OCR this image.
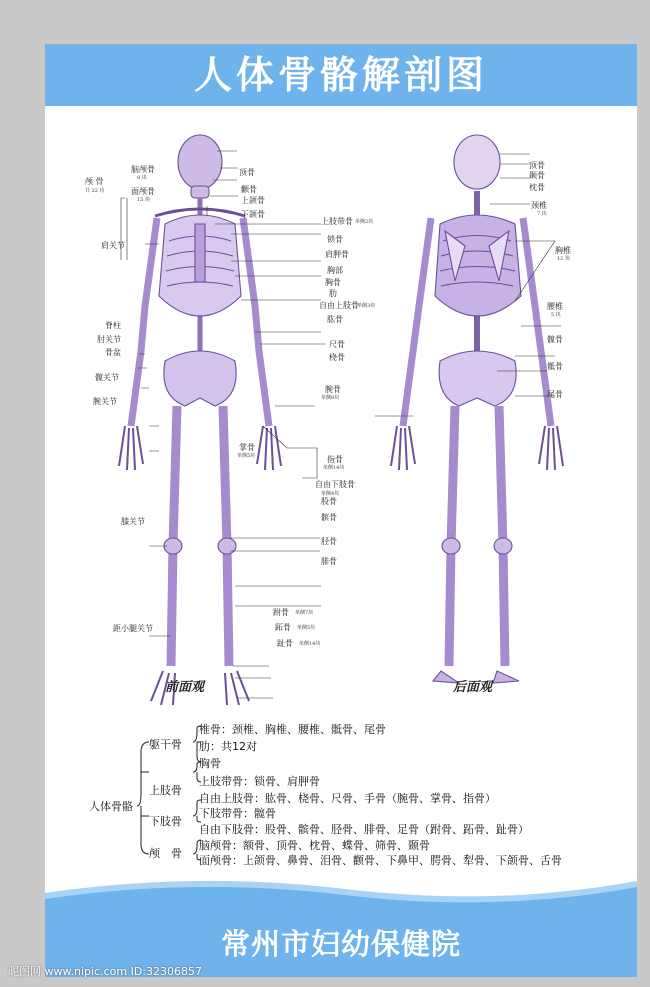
人体骨骼解剖图
颅 骨
共 22 块
脑颅骨
8 块
面颅骨
15 块
顶骨
颧骨
上颌骨
下颌骨
上肢带骨 单侧2块
锁骨
肩胛骨
胸部
胸骨
肋
自由上肢骨
单侧3块
肱骨
尺骨
桡骨
腕骨
单侧8块
掌骨
单侧5块	指骨
单侧14块
自由下肢骨
单侧4块
股骨
髌骨
胫骨
腓骨
跗骨 单侧7块
跖骨 单侧5块
趾骨 单侧14块
肩关节
脊柱
肘关节
骨盆
髋关节
腕关节
膝关节
距小腿关节
顶骨
颞骨
枕骨
颈椎
7 块
胸椎
12 块
腰椎
5 块
髋骨
骶骨
尾骨
前面观	后面观
人体骨骼
躯干骨
椎骨：颈椎、胸椎、腰椎、骶骨、尾骨
肋：共12对
胸骨
上肢骨
上肢带骨：锁骨、肩胛骨
自由上肢骨：肱骨、桡骨、尺骨、手骨（腕骨、掌骨、指骨）
下肢骨
下肢带骨：髋骨
自由下肢骨：股骨、髌骨、胫骨、腓骨、足骨（跗骨、跖骨、趾骨）
颅　骨
脑颅骨：额骨、顶骨、枕骨、蝶骨、筛骨、颞骨
面颅骨：上颌骨、鼻骨、泪骨、颧骨、下鼻甲、腭骨、犁骨、下颌骨、舌骨
常州市妇幼保健院
昵图网 www.nipic.com ID:32306857
